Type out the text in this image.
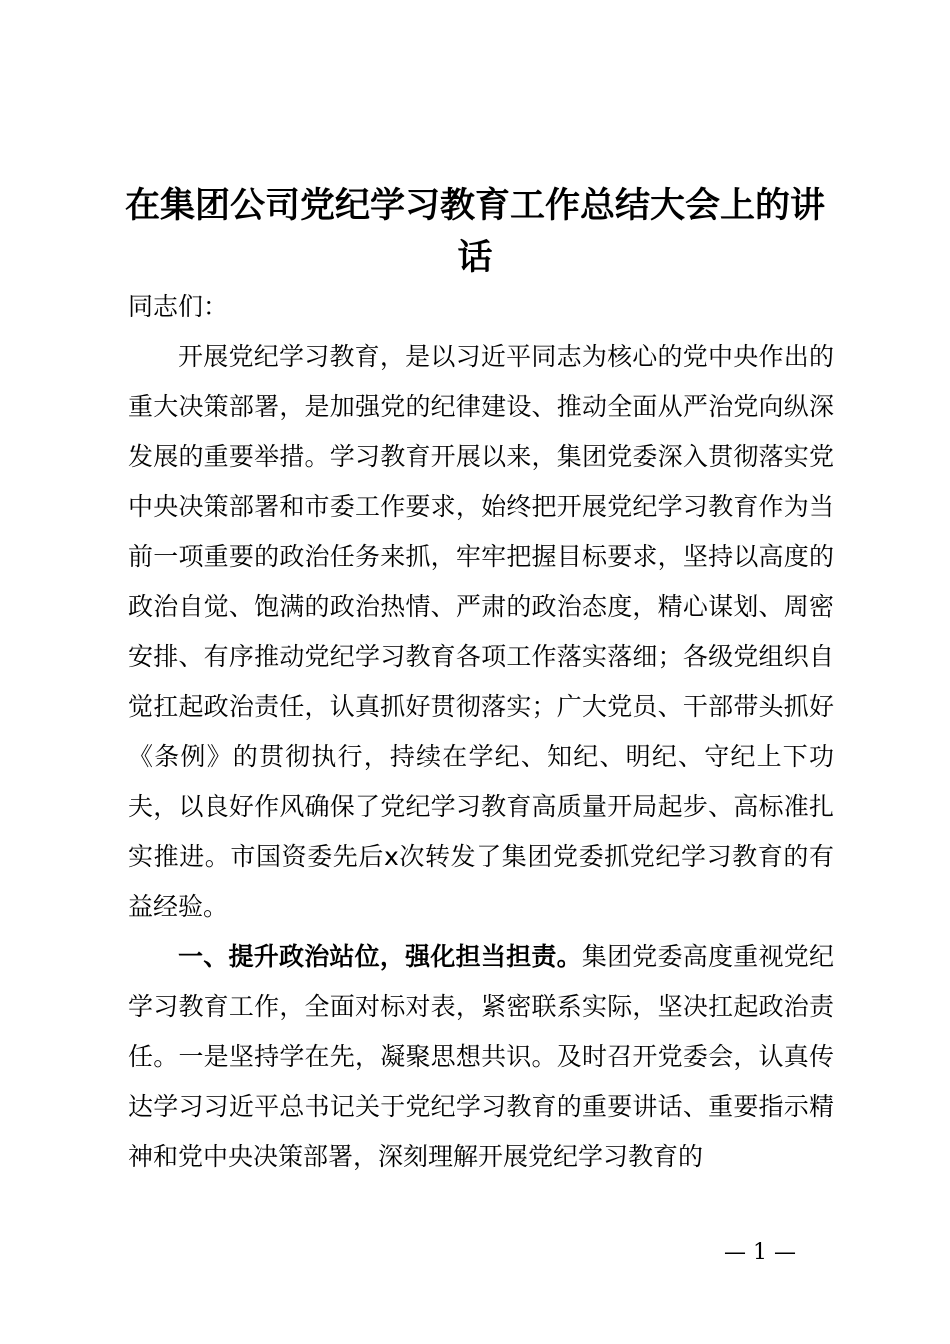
在集团公司党纪学习教育工作总结大会上的讲话

同志们：

开展党纪学习教育，是以习近平同志为核心的党中央作出的重大决策部署，是加强党的纪律建设、推动全面从严治党向纵深发展的重要举措。学习教育开展以来，集团党委深入贯彻落实党中央决策部署和市委工作要求，始终把开展党纪学习教育作为当前一项重要的政治任务来抓，牢牢把握目标要求，坚持以高度的政治自觉、饱满的政治热情、严肃的政治态度，精心谋划、周密安排、有序推动党纪学习教育各项工作落实落细；各级党组织自觉扛起政治责任，认真抓好贯彻落实；广大党员、干部带头抓好《条例》的贯彻执行，持续在学纪、知纪、明纪、守纪上下功夫，以良好作风确保了党纪学习教育高质量开局起步、高标准扎实推进。市国资委先后x次转发了集团党委抓党纪学习教育的有益经验。

一、提升政治站位，强化担当担责。集团党委高度重视党纪学习教育工作，全面对标对表，紧密联系实际，坚决扛起政治责任。一是坚持学在先，凝聚思想共识。及时召开党委会，认真传达学习习近平总书记关于党纪学习教育的重要讲话、重要指示精神和党中央决策部署，深刻理解开展党纪学习教育的

— 1 —
